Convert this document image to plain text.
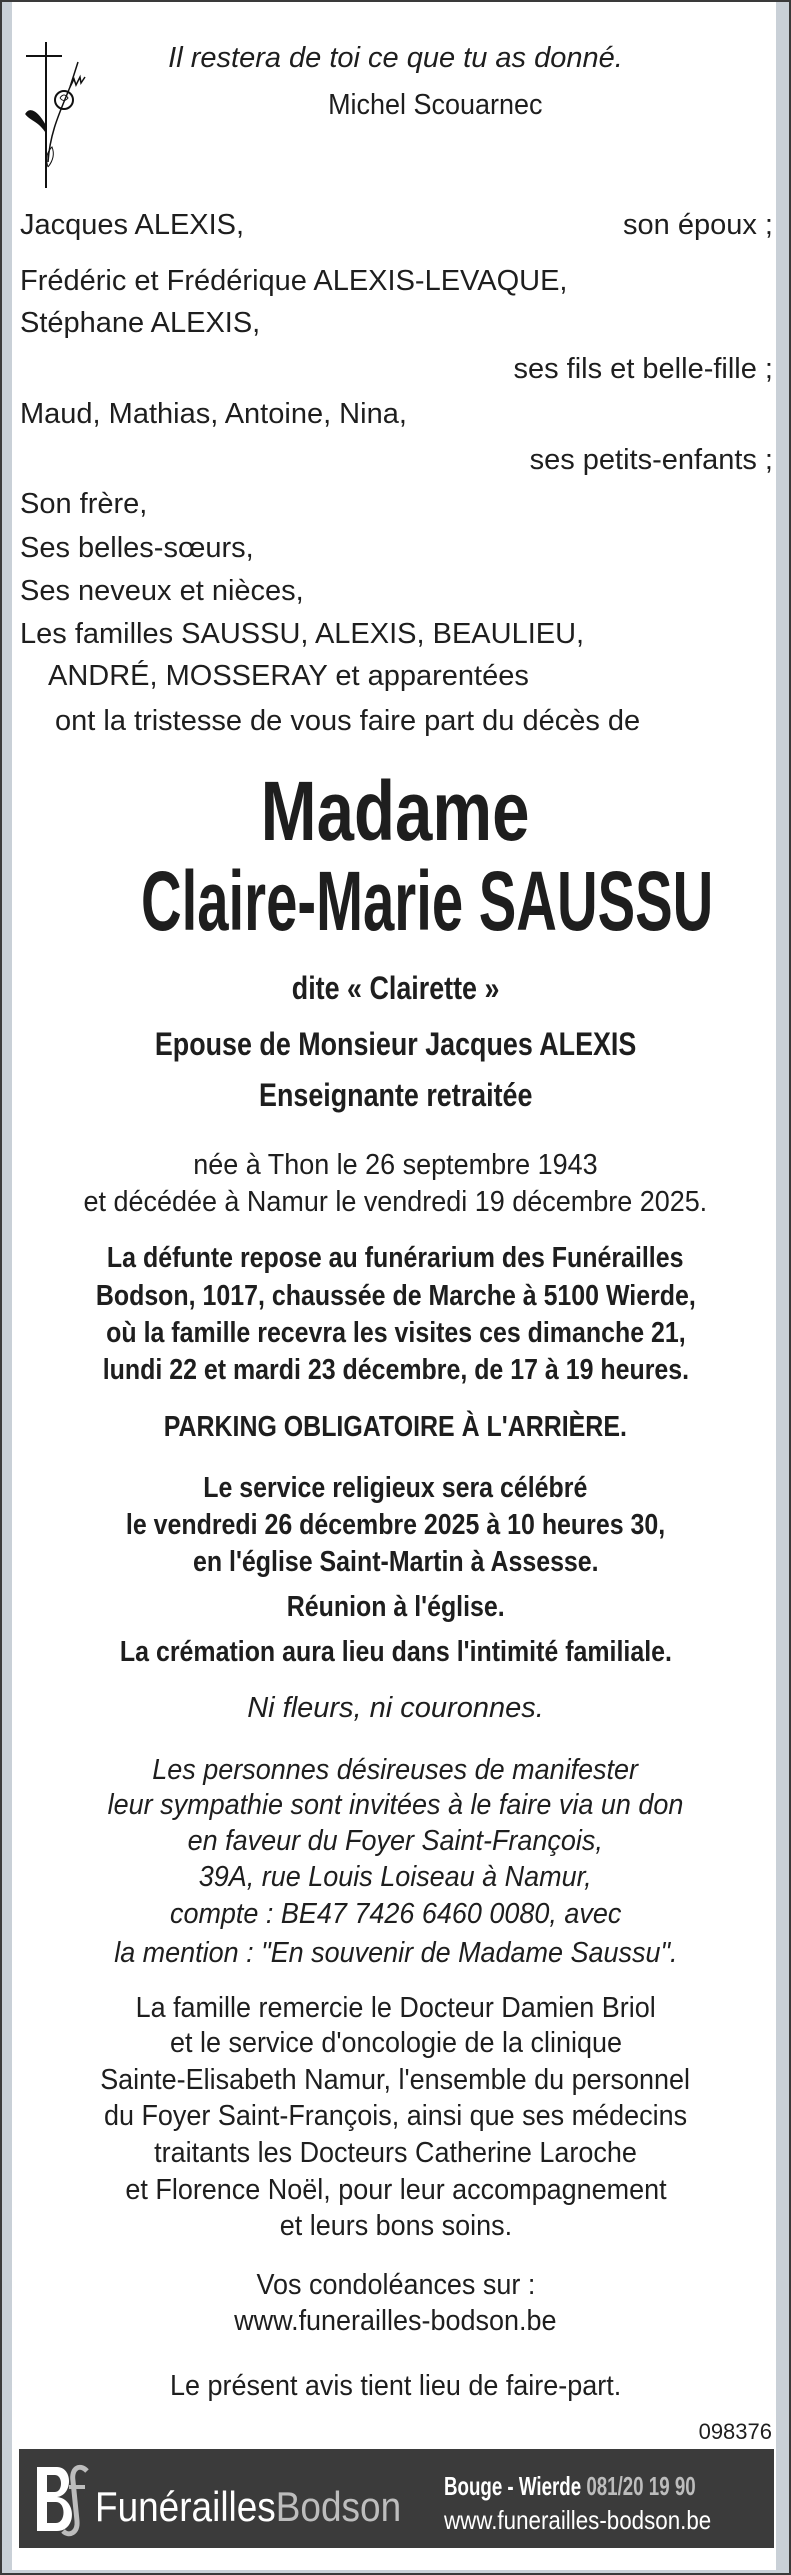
Il restera de toi ce que tu as donné.
Michel Scouarnec
Jacques ALEXIS,	son époux ;
Frédéric et Frédérique ALEXIS-LEVAQUE,
Stéphane ALEXIS,
ses fils et belle-fille ;
Maud, Mathias, Antoine, Nina,
ses petits-enfants ;
Son frère,
Ses belles-sœurs,
Ses neveux et nièces,
Les familles SAUSSU, ALEXIS, BEAULIEU,
ANDRÉ, MOSSERAY et apparentées
ont la tristesse de vous faire part du décès de
Madame
Claire-Marie SAUSSU
dite « Clairette »
Epouse de Monsieur Jacques ALEXIS
Enseignante retraitée
née à Thon le 26 septembre 1943
et décédée à Namur le vendredi 19 décembre 2025.
La défunte repose au funérarium des Funérailles
Bodson, 1017, chaussée de Marche à 5100 Wierde,
où la famille recevra les visites ces dimanche 21,
lundi 22 et mardi 23 décembre, de 17 à 19 heures.
PARKING OBLIGATOIRE À L'ARRIÈRE.
Le service religieux sera célébré
le vendredi 26 décembre 2025 à 10 heures 30,
en l'église Saint-Martin à Assesse.
Réunion à l'église.
La crémation aura lieu dans l'intimité familiale.
Ni fleurs, ni couronnes.
Les personnes désireuses de manifester
leur sympathie sont invitées à le faire via un don
en faveur du Foyer Saint-François,
39A, rue Louis Loiseau à Namur,
compte : BE47 7426 6460 0080, avec
la mention : "En souvenir de Madame Saussu".
La famille remercie le Docteur Damien Briol
et le service d'oncologie de la clinique
Sainte-Elisabeth Namur, l'ensemble du personnel
du Foyer Saint-François, ainsi que ses médecins
traitants les Docteurs Catherine Laroche
et Florence Noël, pour leur accompagnement
et leurs bons soins.
Vos condoléances sur :
www.funerailles-bodson.be
Le présent avis tient lieu de faire-part.
098376
FunéraillesBodson Bouge - Wierde 081/20 19 90
www.funerailles-bodson.be
